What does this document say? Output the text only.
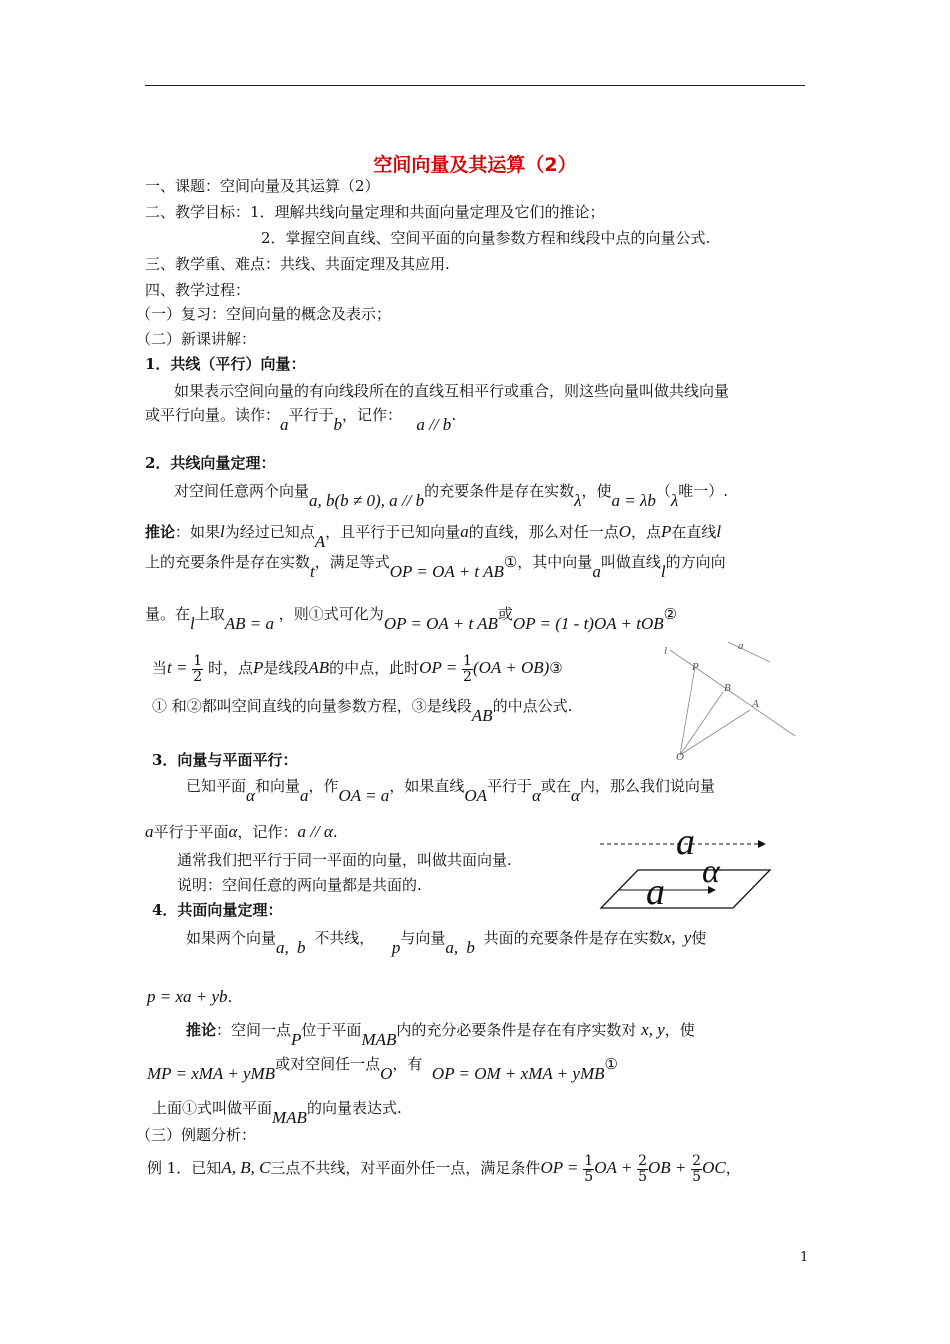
空间向量及其运算（2）
一、课题：空间向量及其运算（2）
二、教学目标：1．理解共线向量定理和共面向量定理及它们的推论；
2．掌握空间直线、空间平面的向量参数方程和线段中点的向量公式.
三、教学重、难点：共线、共面定理及其应用.
四、教学过程：
（一）复习：空间向量的概念及表示；
（二）新课讲解：
1．共线（平行）向量：
如果表示空间向量的有向线段所在的直线互相平行或重合，则这些向量叫做共线向量
或平行向量。读作：a平行于b，记作： a // b.
2．共线向量定理：
对空间任意两个向量a, b(b ≠ 0), a // b的充要条件是存在实数λ，使a = λb（λ唯一）.
推论：如果l为经过已知点A，且平行于已知向量a的直线，那么对任一点O，点P在直线l
上的充要条件是存在实数t，满足等式OP = OA + t AB①，其中向量a叫做直线l的方向向
量。在l上取AB = a ，则①式可化为OP = OA + t AB或OP = (1 - t)OA + tOB②
当$t = \frac{1}{2}$ 时，点P是线段AB的中点，此时OP = $\frac{1}{2} (OA$ + OB)③
① 和②都叫空间直线的向量参数方程，③是线段AB的中点公式.
l	a
P
B
A
O
3．向量与平面平行：
已知平面α和向量a，作OA = a，如果直线OA平行于α或在α内，那么我们说向量
a平行于平面α，记作：a // α.
通常我们把平行于同一平面的向量，叫做共面向量.
说明：空间任意的两向量都是共面的.
a
a α
4．共面向量定理：
如果两个向量a, b 不共线， p与向量a, b 共面的充要条件是存在实数x, y使
p = xa + yb.
推论：空间一点P位于平面MAB内的充分必要条件是存在有序实数对 x, y，使
MP = xMA + yMB或对空间任一点O，有 OP = OM + xMA + yMB①
上面①式叫做平面MAB的向量表达式.
（三）例题分析：
例 1．已知A, B, C三点不共线，对平面外任一点，满足条件OP = $\frac{1}{5}$ OA + $\frac{2}{5}$ OB + $\frac{2}{5}$ OC，
1
